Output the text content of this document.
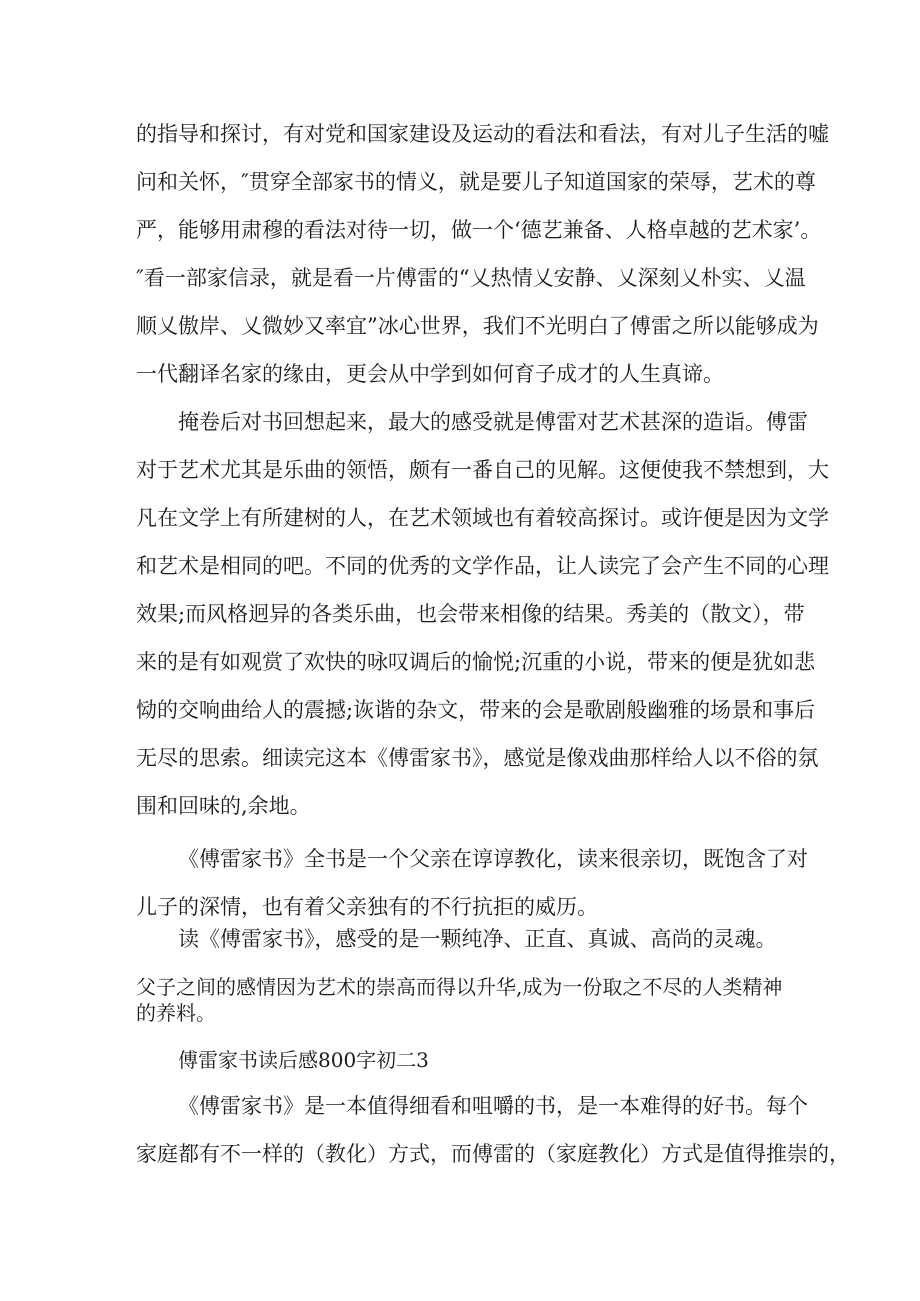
的指导和探讨，有对党和国家建设及运动的看法和看法，有对儿子生活的嘘
问和关怀，″贯穿全部家书的情义，就是要儿子知道国家的荣辱，艺术的尊
严，能够用肃穆的看法对待一切，做一个‘德艺兼备、人格卓越的艺术家’。
″看一部家信录，就是看一片傅雷的“乂热情乂安静、乂深刻乂朴实、乂温
顺乂傲岸、乂微妙又率宜”冰心世界，我们不光明白了傅雷之所以能够成为
一代翻译名家的缘由，更会从中学到如何育子成才的人生真谛。
掩卷后对书回想起来，最大的感受就是傅雷对艺术甚深的造诣。傅雷
对于艺术尤其是乐曲的领悟，颇有一番自己的见解。这便使我不禁想到，大
凡在文学上有所建树的人，在艺术领域也有着较高探讨。或许便是因为文学
和艺术是相同的吧。不同的优秀的文学作品，让人读完了会产生不同的心理
效果;而风格迥异的各类乐曲，也会带来相像的结果。秀美的（散文），带
来的是有如观赏了欢快的咏叹调后的愉悦;沉重的小说，带来的便是犹如悲
恸的交响曲给人的震撼;诙谐的杂文，带来的会是歌剧般幽雅的场景和事后
无尽的思索。细读完这本《傅雷家书》，感觉是像戏曲那样给人以不俗的氛
围和回味的,余地。
《傅雷家书》全书是一个父亲在谆谆教化，读来很亲切，既饱含了对
儿子的深情，也有着父亲独有的不行抗拒的威历。
读《傅雷家书》，感受的是一颗纯净、正直、真诚、高尚的灵魂。
父子之间的感情因为艺术的崇高而得以升华,成为一份取之不尽的人类精神
的养料。
傅雷家书读后感800字初二3
《傅雷家书》是一本值得细看和咀嚼的书，是一本难得的好书。每个
家庭都有不一样的（教化）方式，而傅雷的（家庭教化）方式是值得推崇的，
